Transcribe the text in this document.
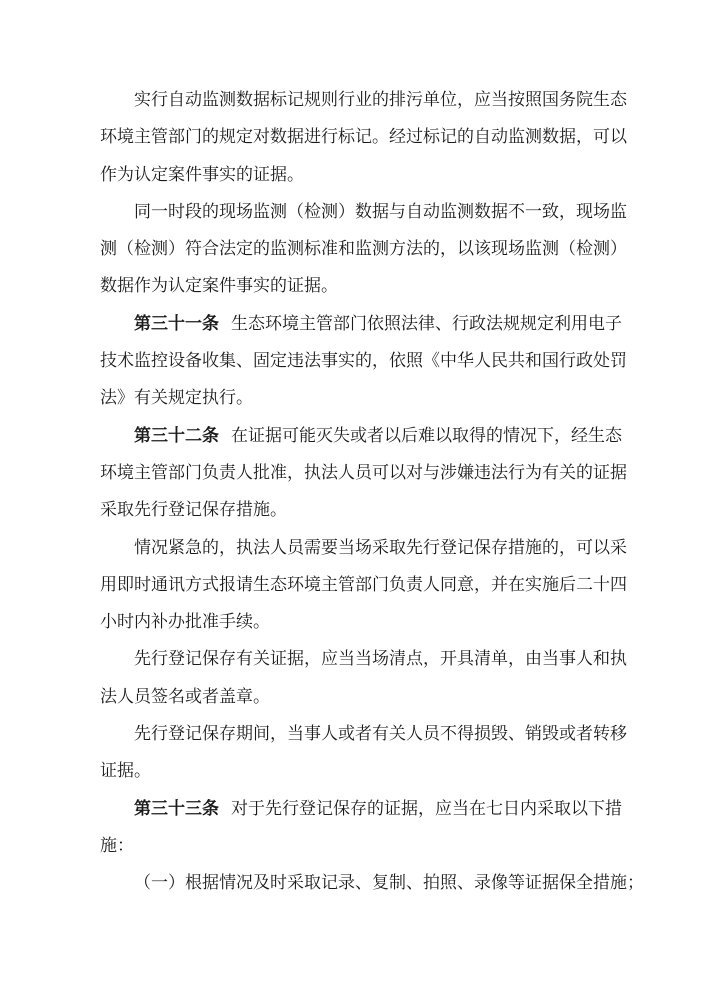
实行自动监测数据标记规则行业的排污单位，应当按照国务院生态
环境主管部门的规定对数据进行标记。经过标记的自动监测数据，可以
作为认定案件事实的证据。

同一时段的现场监测（检测）数据与自动监测数据不一致，现场监
测（检测）符合法定的监测标准和监测方法的，以该现场监测（检测）
数据作为认定案件事实的证据。

第三十一条 生态环境主管部门依照法律、行政法规规定利用电子
技术监控设备收集、固定违法事实的，依照《中华人民共和国行政处罚
法》有关规定执行。

第三十二条 在证据可能灭失或者以后难以取得的情况下，经生态
环境主管部门负责人批准，执法人员可以对与涉嫌违法行为有关的证据
采取先行登记保存措施。

情况紧急的，执法人员需要当场采取先行登记保存措施的，可以采
用即时通讯方式报请生态环境主管部门负责人同意，并在实施后二十四
小时内补办批准手续。

先行登记保存有关证据，应当当场清点，开具清单，由当事人和执
法人员签名或者盖章。

先行登记保存期间，当事人或者有关人员不得损毁、销毁或者转移
证据。

第三十三条 对于先行登记保存的证据，应当在七日内采取以下措
施：

（一）根据情况及时采取记录、复制、拍照、录像等证据保全措施；
